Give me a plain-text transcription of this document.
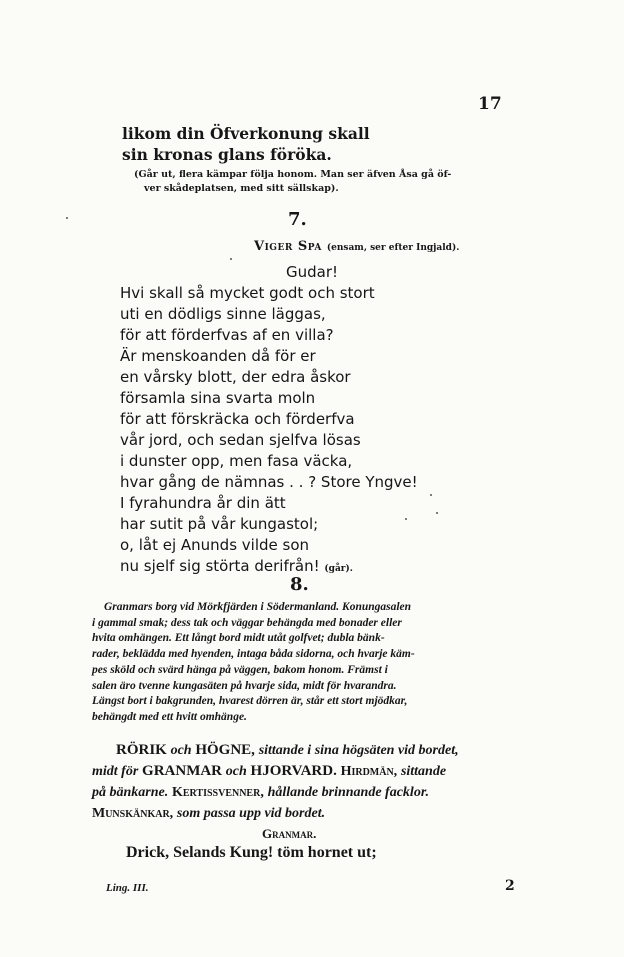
17
likom din Öfverkonung skall
sin kronas glans förökа.
(Går ut, flera kämpar följa honom. Man ser äfven Åsa gå öf-
ver skådeplatsen, med sitt sällskap).
7.
Viger Spa (ensam, ser efter Ingjald).
Gudar!
Hvi skall så mycket godt och stort
uti en dödligs sinne läggas,
för att förderfvas af en villa?
Är menskoanden då för er
en vårsky blott, der edra åskor
församla sina svarta moln
för att förskräcka och förderfva
vår jord, och sedan sjelfva lösas
i dunster opp, men fasa väcka,
hvar gång de nämnas . . ? Store Yngve!
I fyrahundra år din ätt
har sutit på vår kungastol;
o, låt ej Anunds vilde son
nu sjelf sig störta derifrån! (går).
8.
Granmars borg vid Mörkfjärden i Södermanland. Konungasalen
i gammal smak; dess tak och väggar behängda med bonader eller
hvita omhängen. Ett långt bord midt utåt golfvet; dubla bänk-
rader, beklädda med hyenden, intaga båda sidorna, och hvarje käm-
pes sköld och svärd hänga på väggen, bakom honom. Främst i
salen äro tvenne kungasäten på hvarje sida, midt för hvarandra.
Längst bort i bakgrunden, hvarest dörren är, står ett stort mjödkar,
behängdt med ett hvitt omhänge.
RÖRIK och HÖGNE, sittande i sina högsäten vid bordet,
midt för GRANMAR och HJORVARD. Hirdmän, sittande
på bänkarne. Kertissvenner, hållande brinnande facklor.
Munskänkar, som passa upp vid bordet.
Granmar.
Drick, Selands Kung! töm hornet ut;
Ling. III.	2
